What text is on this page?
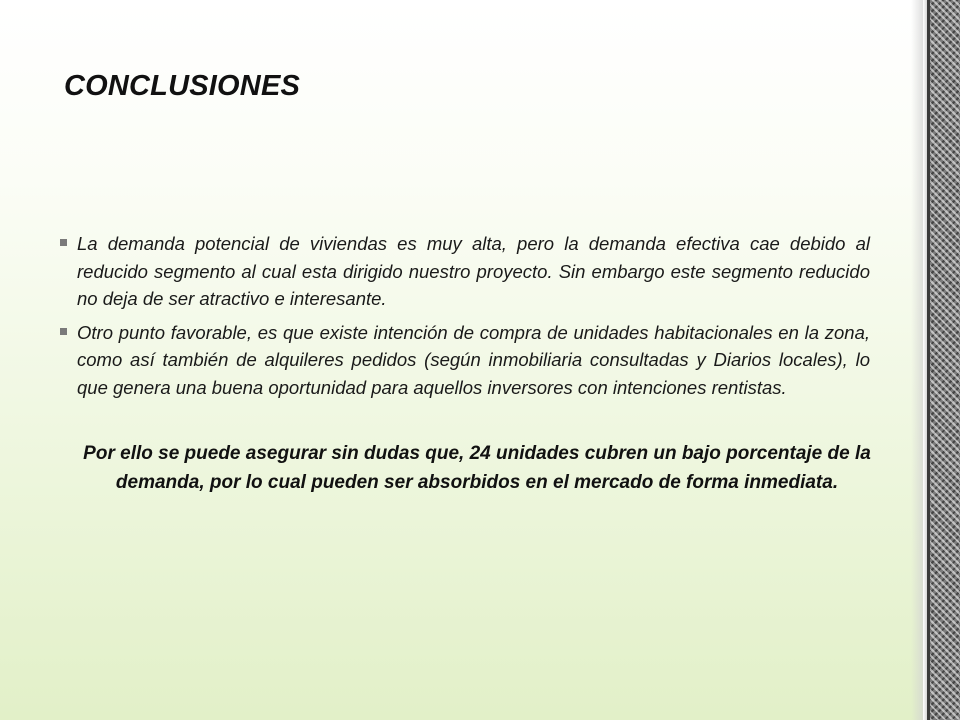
CONCLUSIONES
La demanda potencial de viviendas es muy alta, pero la demanda efectiva cae debido al reducido segmento al cual esta dirigido nuestro proyecto. Sin embargo este segmento reducido no deja de ser atractivo e interesante.
Otro punto favorable, es que existe intención de compra de unidades habitacionales en la zona, como así también de alquileres pedidos (según inmobiliaria consultadas y Diarios locales), lo que genera una buena oportunidad para aquellos inversores con intenciones rentistas.

Por ello se puede asegurar sin dudas que, 24 unidades cubren un bajo porcentaje de la demanda, por lo cual pueden ser absorbidos en el mercado de forma inmediata.
